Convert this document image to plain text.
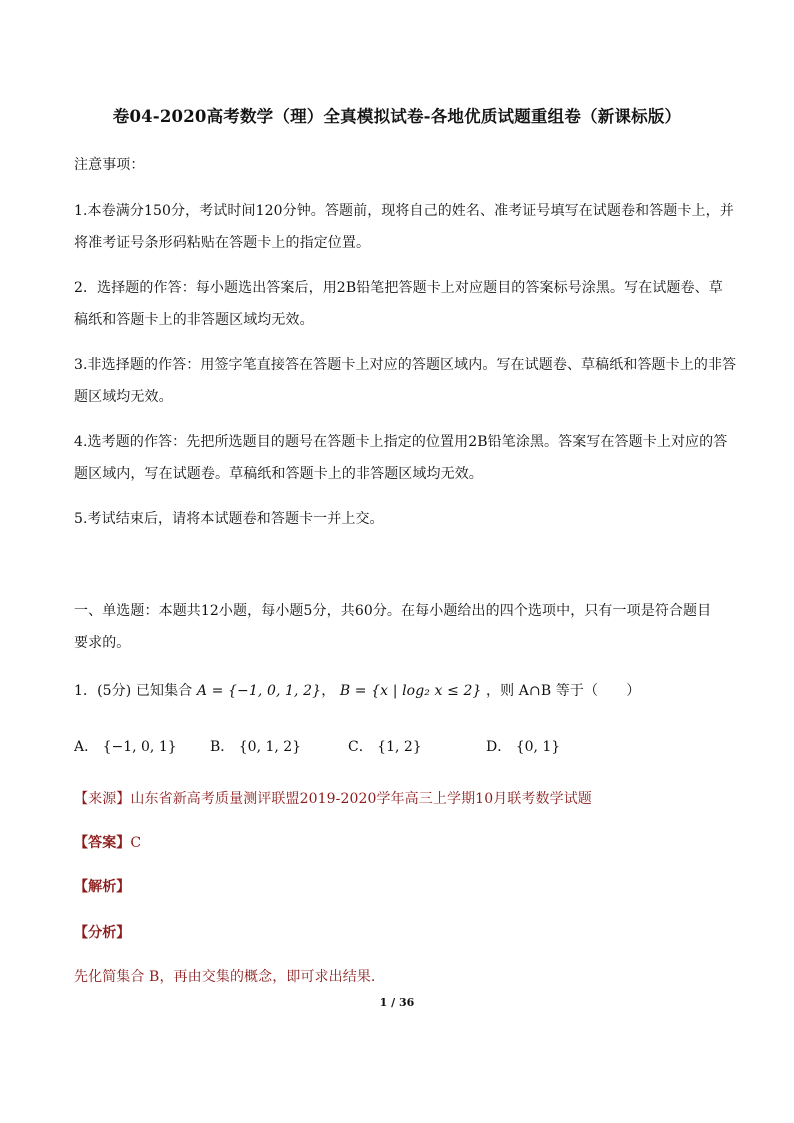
卷04-2020高考数学（理）全真模拟试卷-各地优质试题重组卷（新课标版）
注意事项：
1.本卷满分150分，考试时间120分钟。答题前，现将自己的姓名、准考证号填写在试题卷和答题卡上，并
将准考证号条形码粘贴在答题卡上的指定位置。
2．选择题的作答：每小题选出答案后，用2B铅笔把答题卡上对应题目的答案标号涂黑。写在试题卷、草
稿纸和答题卡上的非答题区域均无效。
3.非选择题的作答：用签字笔直接答在答题卡上对应的答题区域内。写在试题卷、草稿纸和答题卡上的非答
题区域均无效。
4.选考题的作答：先把所选题目的题号在答题卡上指定的位置用2B铅笔涂黑。答案写在答题卡上对应的答
题区域内，写在试题卷。草稿纸和答题卡上的非答题区域均无效。
5.考试结束后，请将本试题卷和答题卡一并上交。
一、单选题：本题共12小题，每小题5分，共60分。在每小题给出的四个选项中，只有一项是符合题目
要求的。
1．(5分) 已知集合 A = {−1, 0, 1, 2}， B = {x | log₂ x ≤ 2} ，则 A∩B 等于（　　）
A． {−1, 0, 1} B． {0, 1, 2}	C． {1, 2}	D． {0, 1}
【来源】山东省新高考质量测评联盟2019-2020学年高三上学期10月联考数学试题
【答案】C
【解析】
【分析】
先化简集合 B，再由交集的概念，即可求出结果.
1 / 36
